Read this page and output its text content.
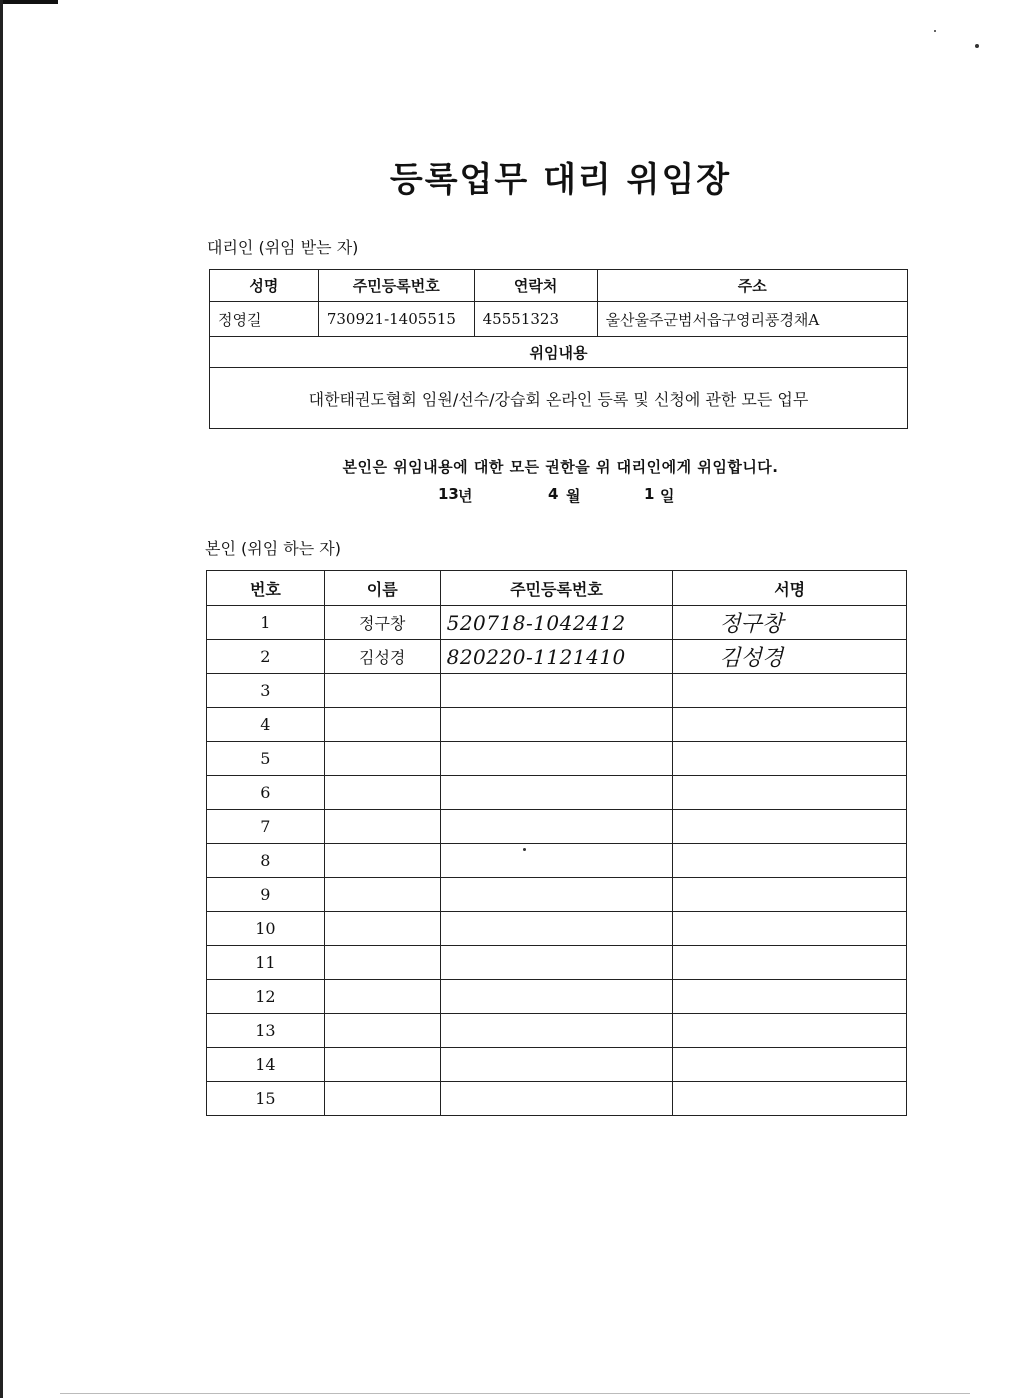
등록업무 대리 위임장
대리인 (위임 받는 자)
성명	주민등록번호	연락처	주소
정영길	730921-1405515	45551323	울산울주군범서읍구영리풍경채A
위임내용			
대한태권도협회 임원/선수/강습회 온라인 등록 및 신청에 관한 모든 업무			
본인은 위임내용에 대한 모든 권한을 위 대리인에게 위임합니다.
13 년	4 월	1 일
본인 (위임 하는 자)
번호	이름	주민등록번호	서명
1	정구창	520718-1042412	정구창
2	김성경	820220-1121410	김성경
3			
4			
5			
6			
7			
8			
9			
10			
11			
12			
13			
14			
15			
